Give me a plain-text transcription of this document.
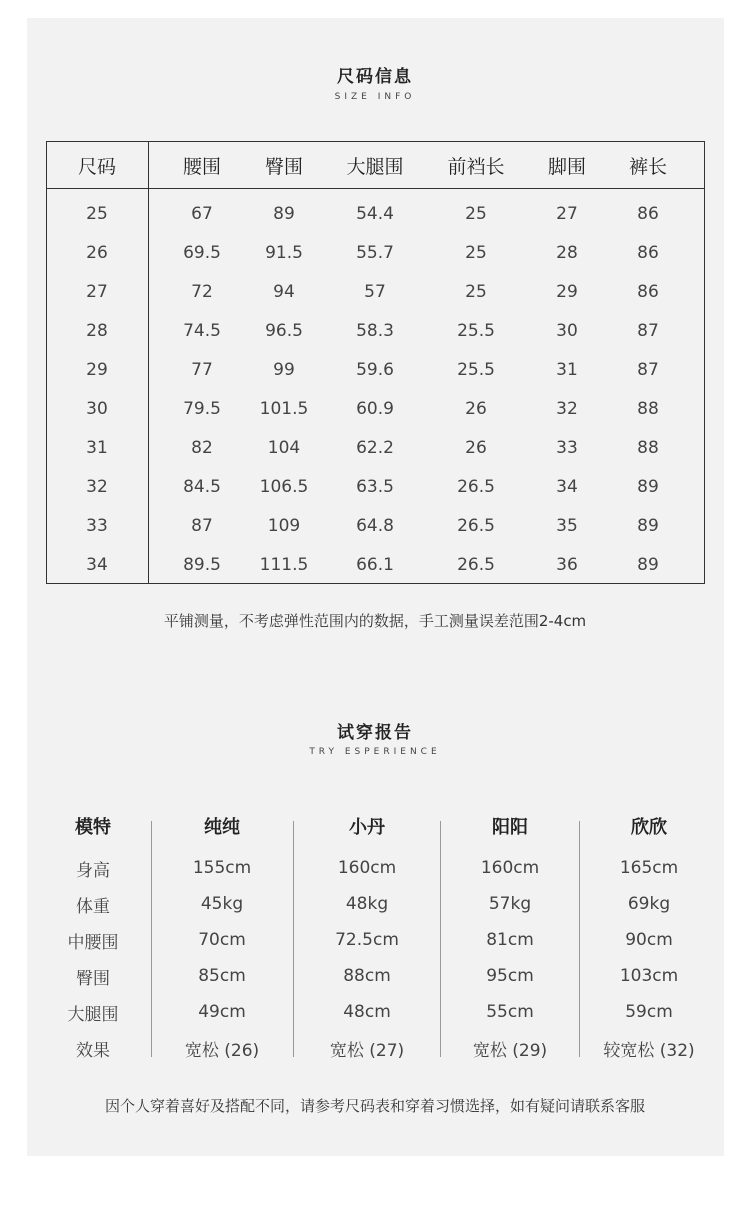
尺码信息
SIZE INFO
尺码	腰围 臀围 大腿围 前裆长 脚围 裤长
25	67	89	54.4	25	27	86
26	69.5	91.5	55.7	25	28	86
27	72	94	57	25	29	86
28	74.5	96.5	58.3	25.5	30	87
29	77	99	59.6	25.5	31	87
30	79.5 101.5	60.9	26	32	88
31	82	104	62.2	26	33	88
32	84.5 106.5	63.5	26.5	34	89
33	87	109	64.8	26.5	35	89
34	89.5 111.5	66.1	26.5	36	89
平铺测量，不考虑弹性范围内的数据，手工测量误差范围2-4cm
试穿报告
TRY ESPERIENCE
模特	纯纯	小丹	阳阳	欣欣
身高	155cm	160cm	160cm	165cm
体重	45kg	48kg	57kg	69kg
中腰围	70cm	72.5cm	81cm	90cm
臀围	85cm	88cm	95cm	103cm
大腿围	49cm	48cm	55cm	59cm
效果	宽松 (26)	宽松 (27)	宽松 (29)	较宽松 (32)
因个人穿着喜好及搭配不同，请参考尺码表和穿着习惯选择，如有疑问请联系客服
